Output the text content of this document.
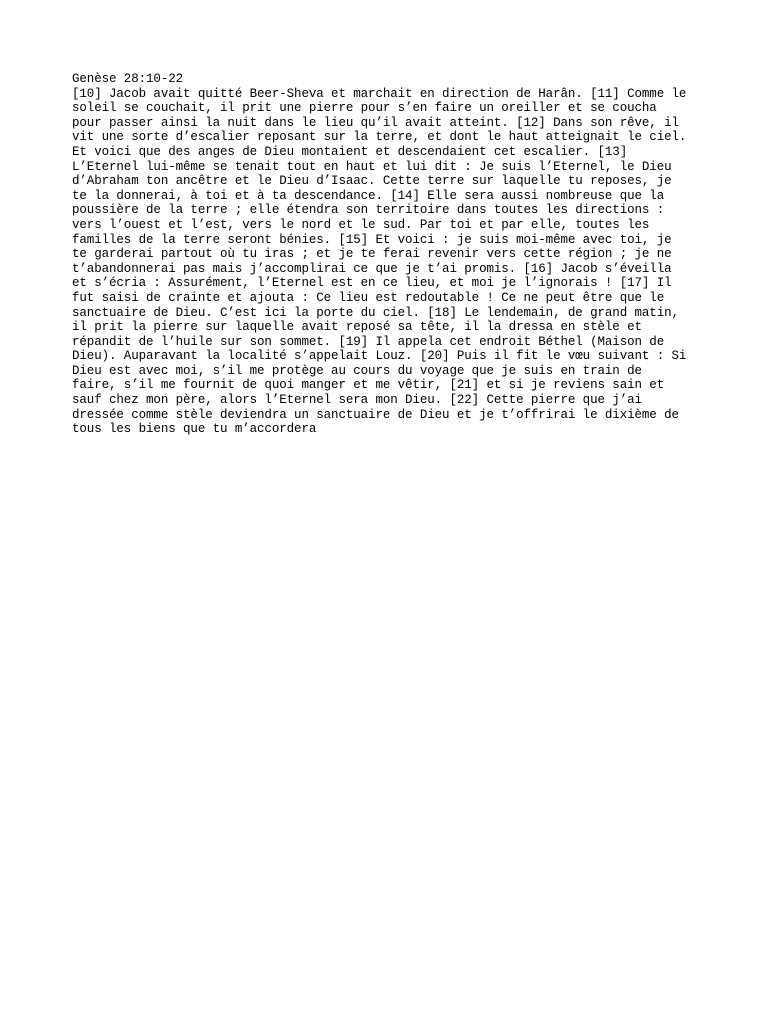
Genèse 28:10-22
[10] Jacob avait quitté Beer-Sheva et marchait en direction de Harân. [11] Comme le
soleil se couchait, il prit une pierre pour s’en faire un oreiller et se coucha
pour passer ainsi la nuit dans le lieu qu’il avait atteint. [12] Dans son rêve, il
vit une sorte d’escalier reposant sur la terre, et dont le haut atteignait le ciel.
Et voici que des anges de Dieu montaient et descendaient cet escalier. [13]
L’Eternel lui-même se tenait tout en haut et lui dit : Je suis l’Eternel, le Dieu
d’Abraham ton ancêtre et le Dieu d’Isaac. Cette terre sur laquelle tu reposes, je
te la donnerai, à toi et à ta descendance. [14] Elle sera aussi nombreuse que la
poussière de la terre ; elle étendra son territoire dans toutes les directions :
vers l’ouest et l’est, vers le nord et le sud. Par toi et par elle, toutes les
familles de la terre seront bénies. [15] Et voici : je suis moi-même avec toi, je
te garderai partout où tu iras ; et je te ferai revenir vers cette région ; je ne
t’abandonnerai pas mais j’accomplirai ce que je t’ai promis. [16] Jacob s’éveilla
et s’écria : Assurément, l’Eternel est en ce lieu, et moi je l’ignorais ! [17] Il
fut saisi de crainte et ajouta : Ce lieu est redoutable ! Ce ne peut être que le
sanctuaire de Dieu. C’est ici la porte du ciel. [18] Le lendemain, de grand matin,
il prit la pierre sur laquelle avait reposé sa tête, il la dressa en stèle et
répandit de l’huile sur son sommet. [19] Il appela cet endroit Béthel (Maison de
Dieu). Auparavant la localité s’appelait Louz. [20] Puis il fit le vœu suivant : Si
Dieu est avec moi, s’il me protège au cours du voyage que je suis en train de
faire, s’il me fournit de quoi manger et me vêtir, [21] et si je reviens sain et
sauf chez mon père, alors l’Eternel sera mon Dieu. [22] Cette pierre que j’ai
dressée comme stèle deviendra un sanctuaire de Dieu et je t’offrirai le dixième de
tous les biens que tu m’accordera
